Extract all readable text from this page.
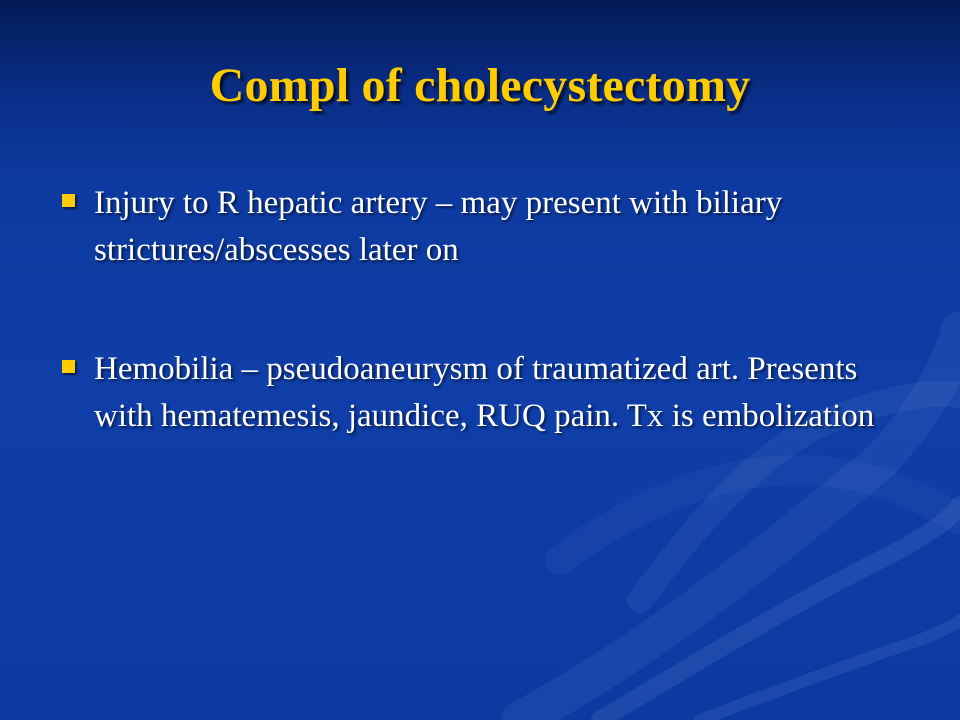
Compl of cholecystectomy
Injury to R hepatic artery – may present with biliary strictures/abscesses later on
Hemobilia – pseudoaneurysm of traumatized art. Presents with hematemesis, jaundice, RUQ pain. Tx is embolization
